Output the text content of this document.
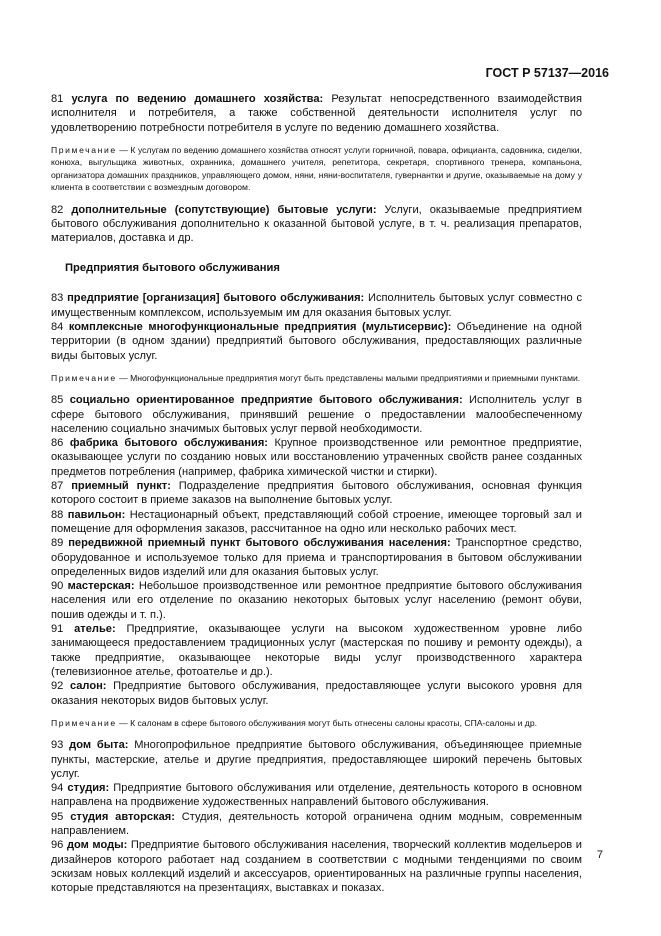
ГОСТ Р 57137—2016

81 услуга по ведению домашнего хозяйства: Результат непосредственного взаимодействия исполнителя и потребителя, а также собственной деятельности исполнителя услуг по удовлетворению потребности потребителя в услуге по ведению домашнего хозяйства.

Примечание — К услугам по ведению домашнего хозяйства относят услуги горничной, повара, официанта, садовника, сиделки, конюха, выгульщика животных, охранника, домашнего учителя, репетитора, секретаря, спортивного тренера, компаньона, организатора домашних праздников, управляющего домом, няни, няни-воспитателя, гувернантки и другие, оказываемые на дому у клиента в соответствии с возмездным договором.

82 дополнительные (сопутствующие) бытовые услуги: Услуги, оказываемые предприятием бытового обслуживания дополнительно к оказанной бытовой услуге, в т. ч. реализация препаратов, материалов, доставка и др.

Предприятия бытового обслуживания

83 предприятие [организация] бытового обслуживания: Исполнитель бытовых услуг совместно с имущественным комплексом, используемым им для оказания бытовых услуг.

84 комплексные многофункциональные предприятия (мультисервис): Объединение на одной территории (в одном здании) предприятий бытового обслуживания, предоставляющих различные виды бытовых услуг.

Примечание — Многофункциональные предприятия могут быть представлены малыми предприятиями и приемными пунктами.

85 социально ориентированное предприятие бытового обслуживания: Исполнитель услуг в сфере бытового обслуживания, принявший решение о предоставлении малообеспеченному населению социально значимых бытовых услуг первой необходимости.

86 фабрика бытового обслуживания: Крупное производственное или ремонтное предприятие, оказывающее услуги по созданию новых или восстановлению утраченных свойств ранее созданных предметов потребления (например, фабрика химической чистки и стирки).

87 приемный пункт: Подразделение предприятия бытового обслуживания, основная функция которого состоит в приеме заказов на выполнение бытовых услуг.

88 павильон: Нестационарный объект, представляющий собой строение, имеющее торговый зал и помещение для оформления заказов, рассчитанное на одно или несколько рабочих мест.

89 передвижной приемный пункт бытового обслуживания населения: Транспортное средство, оборудованное и используемое только для приема и транспортирования в бытовом обслуживании определенных видов изделий или для оказания бытовых услуг.

90 мастерская: Небольшое производственное или ремонтное предприятие бытового обслуживания населения или его отделение по оказанию некоторых бытовых услуг населению (ремонт обуви, пошив одежды и т. п.).

91 ателье: Предприятие, оказывающее услуги на высоком художественном уровне либо занимающееся предоставлением традиционных услуг (мастерская по пошиву и ремонту одежды), а также предприятие, оказывающее некоторые виды услуг производственного характера (телевизионное ателье, фотоателье и др.).

92 салон: Предприятие бытового обслуживания, предоставляющее услуги высокого уровня для оказания некоторых видов бытовых услуг.

Примечание — К салонам в сфере бытового обслуживания могут быть отнесены салоны красоты, СПА-салоны и др.

93 дом быта: Многопрофильное предприятие бытового обслуживания, объединяющее приемные пункты, мастерские, ателье и другие предприятия, предоставляющее широкий перечень бытовых услуг.

94 студия: Предприятие бытового обслуживания или отделение, деятельность которого в основном направлена на продвижение художественных направлений бытового обслуживания.

95 студия авторская: Студия, деятельность которой ограничена одним модным, современным направлением.

96 дом моды: Предприятие бытового обслуживания населения, творческий коллектив модельеров и дизайнеров которого работает над созданием в соответствии с модными тенденциями по своим эскизам новых коллекций изделий и аксессуаров, ориентированных на различные группы населения, которые представляются на презентациях, выставках и показах.

7
